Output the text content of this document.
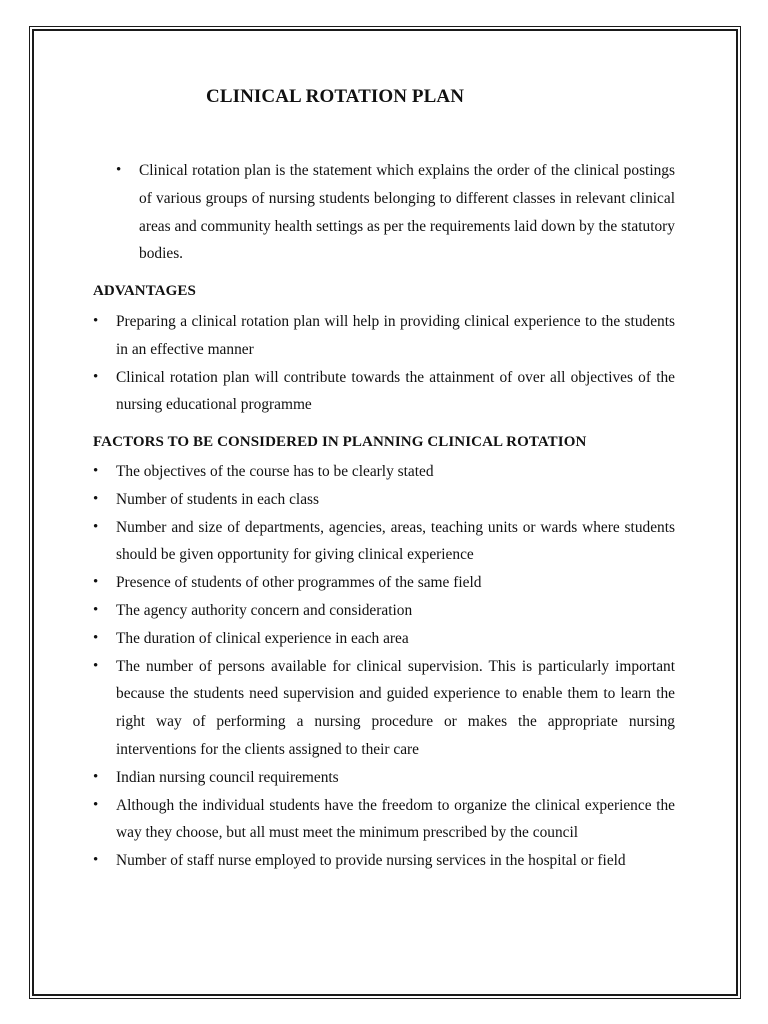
CLINICAL ROTATION PLAN
• Clinical rotation plan is the statement which explains the order of the clinical postings of various groups of nursing students belonging to different classes in relevant clinical areas and community health settings as per the requirements laid down by the statutory bodies.
ADVANTAGES
• Preparing a clinical rotation plan will help in providing clinical experience to the students in an effective manner
• Clinical rotation plan will contribute towards the attainment of over all objectives of the nursing educational programme
FACTORS TO BE CONSIDERED IN PLANNING CLINICAL ROTATION
• The objectives of the course has to be clearly stated
• Number of students in each class
• Number and size of departments, agencies, areas, teaching units or wards where students should be given opportunity for giving clinical experience
• Presence of students of other programmes of the same field
• The agency authority concern and consideration
• The duration of clinical experience in each area
• The number of persons available for clinical supervision. This is particularly important because the students need supervision and guided experience to enable them to learn the right way of performing a nursing procedure or makes the appropriate nursing interventions for the clients assigned to their care
• Indian nursing council requirements
• Although the individual students have the freedom to organize the clinical experience the way they choose, but all must meet the minimum prescribed by the council
• Number of staff nurse employed to provide nursing services in the hospital or field
